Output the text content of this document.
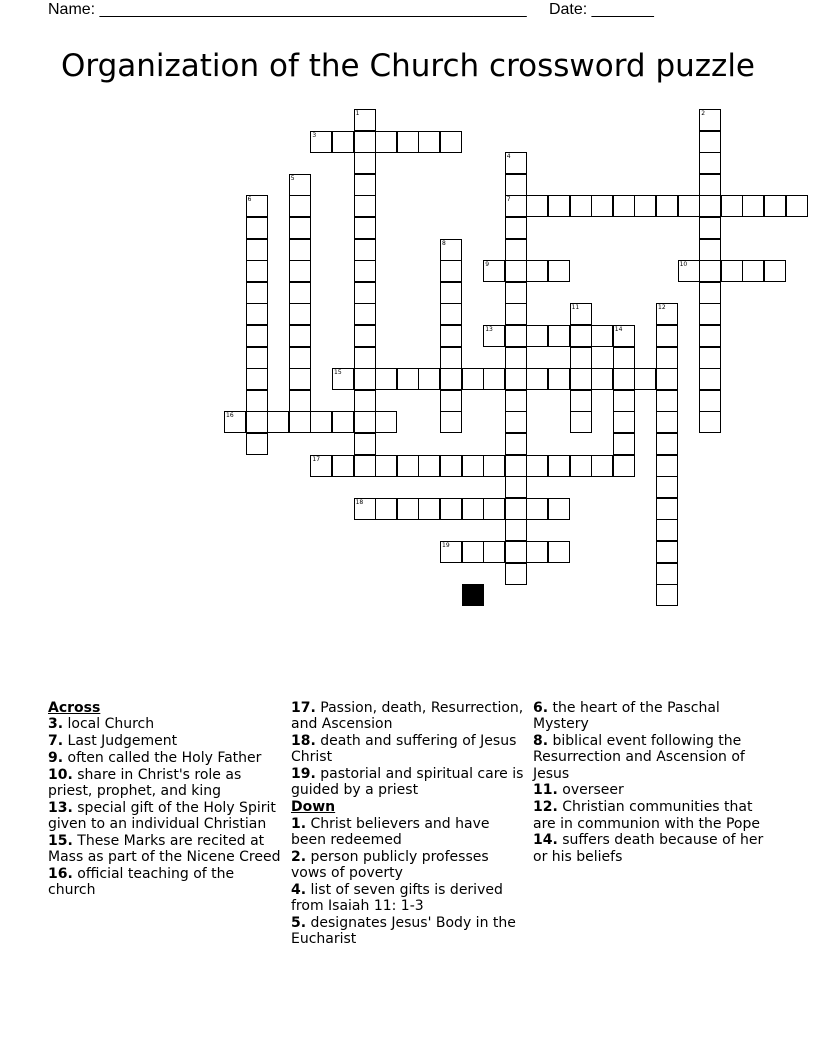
Name: ________________________________________________ Date: _______
Organization of the Church crossword puzzle
1	2
3
4
7
5
6
8
9	10
11	12
13	14
15
16
17
18
19
Across
3. local Church
7. Last Judgement
9. often called the Holy Father
10. share in Christ's role as priest, prophet, and king
13. special gift of the Holy Spirit given to an individual Christian
15. These Marks are recited at Mass as part of the Nicene Creed
16. official teaching of the church
17. Passion, death, Resurrection, and Ascension
18. death and suffering of Jesus Christ
19. pastorial and spiritual care is guided by a priest
Down
1. Christ believers and have been redeemed
2. person publicly professes vows of poverty
4. list of seven gifts is derived from Isaiah 11: 1-3
5. designates Jesus' Body in the Eucharist
6. the heart of the Paschal Mystery
8. biblical event following the Resurrection and Ascension of Jesus
11. overseer
12. Christian communities that are in communion with the Pope
14. suffers death because of her or his beliefs
